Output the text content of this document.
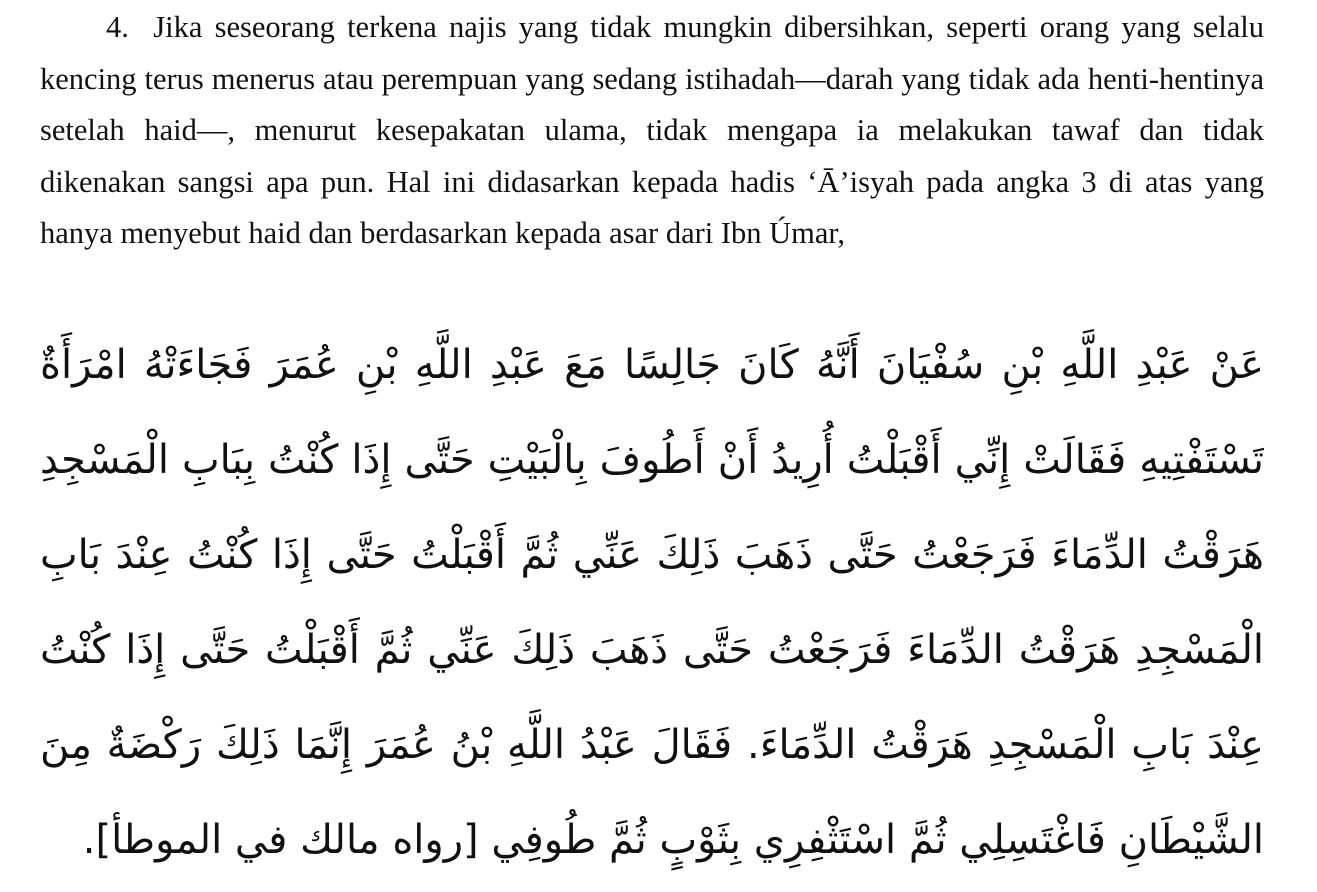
4. Jika seseorang terkena najis yang tidak mungkin dibersihkan, seperti orang yang selalu kencing terus menerus atau perempuan yang sedang istihadah—darah yang tidak ada henti-hentinya setelah haid—, menurut kesepakatan ulama, tidak mengapa ia melakukan tawaf dan tidak dikenakan sangsi apa pun. Hal ini didasarkan kepada hadis ‘Ā’isyah pada angka 3 di atas yang hanya menyebut haid dan berdasarkan kepada asar dari Ibn Úmar,

عَنْ عَبْدِ اللَّهِ بْنِ سُفْيَانَ أَنَّهُ كَانَ جَالِسًا مَعَ عَبْدِ اللَّهِ بْنِ عُمَرَ فَجَاءَتْهُ امْرَأَةٌ
تَسْتَفْتِيهِ فَقَالَتْ إِنِّي أَقْبَلْتُ أُرِيدُ أَنْ أَطُوفَ بِالْبَيْتِ حَتَّى إِذَا كُنْتُ بِبَابِ الْمَسْجِدِ
هَرَقْتُ الدِّمَاءَ فَرَجَعْتُ حَتَّى ذَهَبَ ذَلِكَ عَنِّي ثُمَّ أَقْبَلْتُ حَتَّى إِذَا كُنْتُ عِنْدَ بَابِ
الْمَسْجِدِ هَرَقْتُ الدِّمَاءَ فَرَجَعْتُ حَتَّى ذَهَبَ ذَلِكَ عَنِّي ثُمَّ أَقْبَلْتُ حَتَّى إِذَا كُنْتُ
عِنْدَ بَابِ الْمَسْجِدِ هَرَقْتُ الدِّمَاءَ. فَقَالَ عَبْدُ اللَّهِ بْنُ عُمَرَ إِنَّمَا ذَلِكَ رَكْضَةٌ مِنَ
الشَّيْطَانِ فَاغْتَسِلِي ثُمَّ اسْتَثْفِرِي بِثَوْبٍ ثُمَّ طُوفِي [رواه مالك في الموطأ].
